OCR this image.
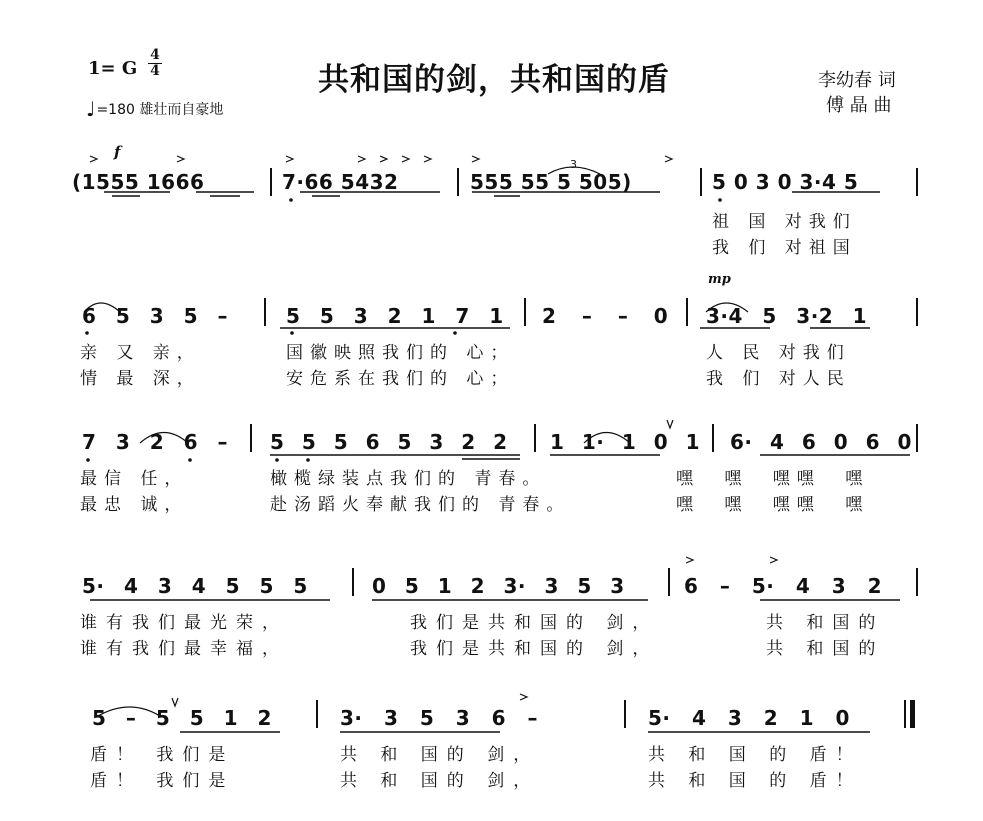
1= G
4
4
♩=180 雄壮而自豪地
共和国的剑，共和国的盾	李幼春 词
傅 晶 曲
f
mp
3
(1555 1666	7·66 5432	555 55 5 505)	5 0 3 0 3·4 5
祖 国 对我们
我 们 对祖国
6 5 3 5 –	5 5 3 2 1 7 1 2 – – 0 3·4 5 3·2 1
亲 又 亲，	国徽映照我们的 心；	人 民 对我们
情 最 深，	安危系在我们的 心；	我 们 对人民
7 3 2 6 – 5 5 5 6 5 3 2 2 1 1· 1 0 1 6· 4 6 0 6 0
最信 任，	橄榄绿装点我们的 青春。	嘿 嘿 嘿嘿 嘿
最忠 诚，	赴汤蹈火奉献我们的 青春。	嘿 嘿 嘿嘿 嘿
5· 4 3 4 5 5 5	0 5 1 2 3· 3 5 3	6 – 5· 4 3 2
谁有我们最光荣，	我们是共和国的 剑，	共 和国的
谁有我们最幸福，	我们是共和国的 剑，	共 和国的
5 – 5 5 1 2	3· 3 5 3 6 –	5· 4 3 2 1 0
盾！ 我们是	共 和 国的 剑，	共 和 国 的 盾！
盾！ 我们是	共 和 国的 剑，	共 和 国 的 盾！
